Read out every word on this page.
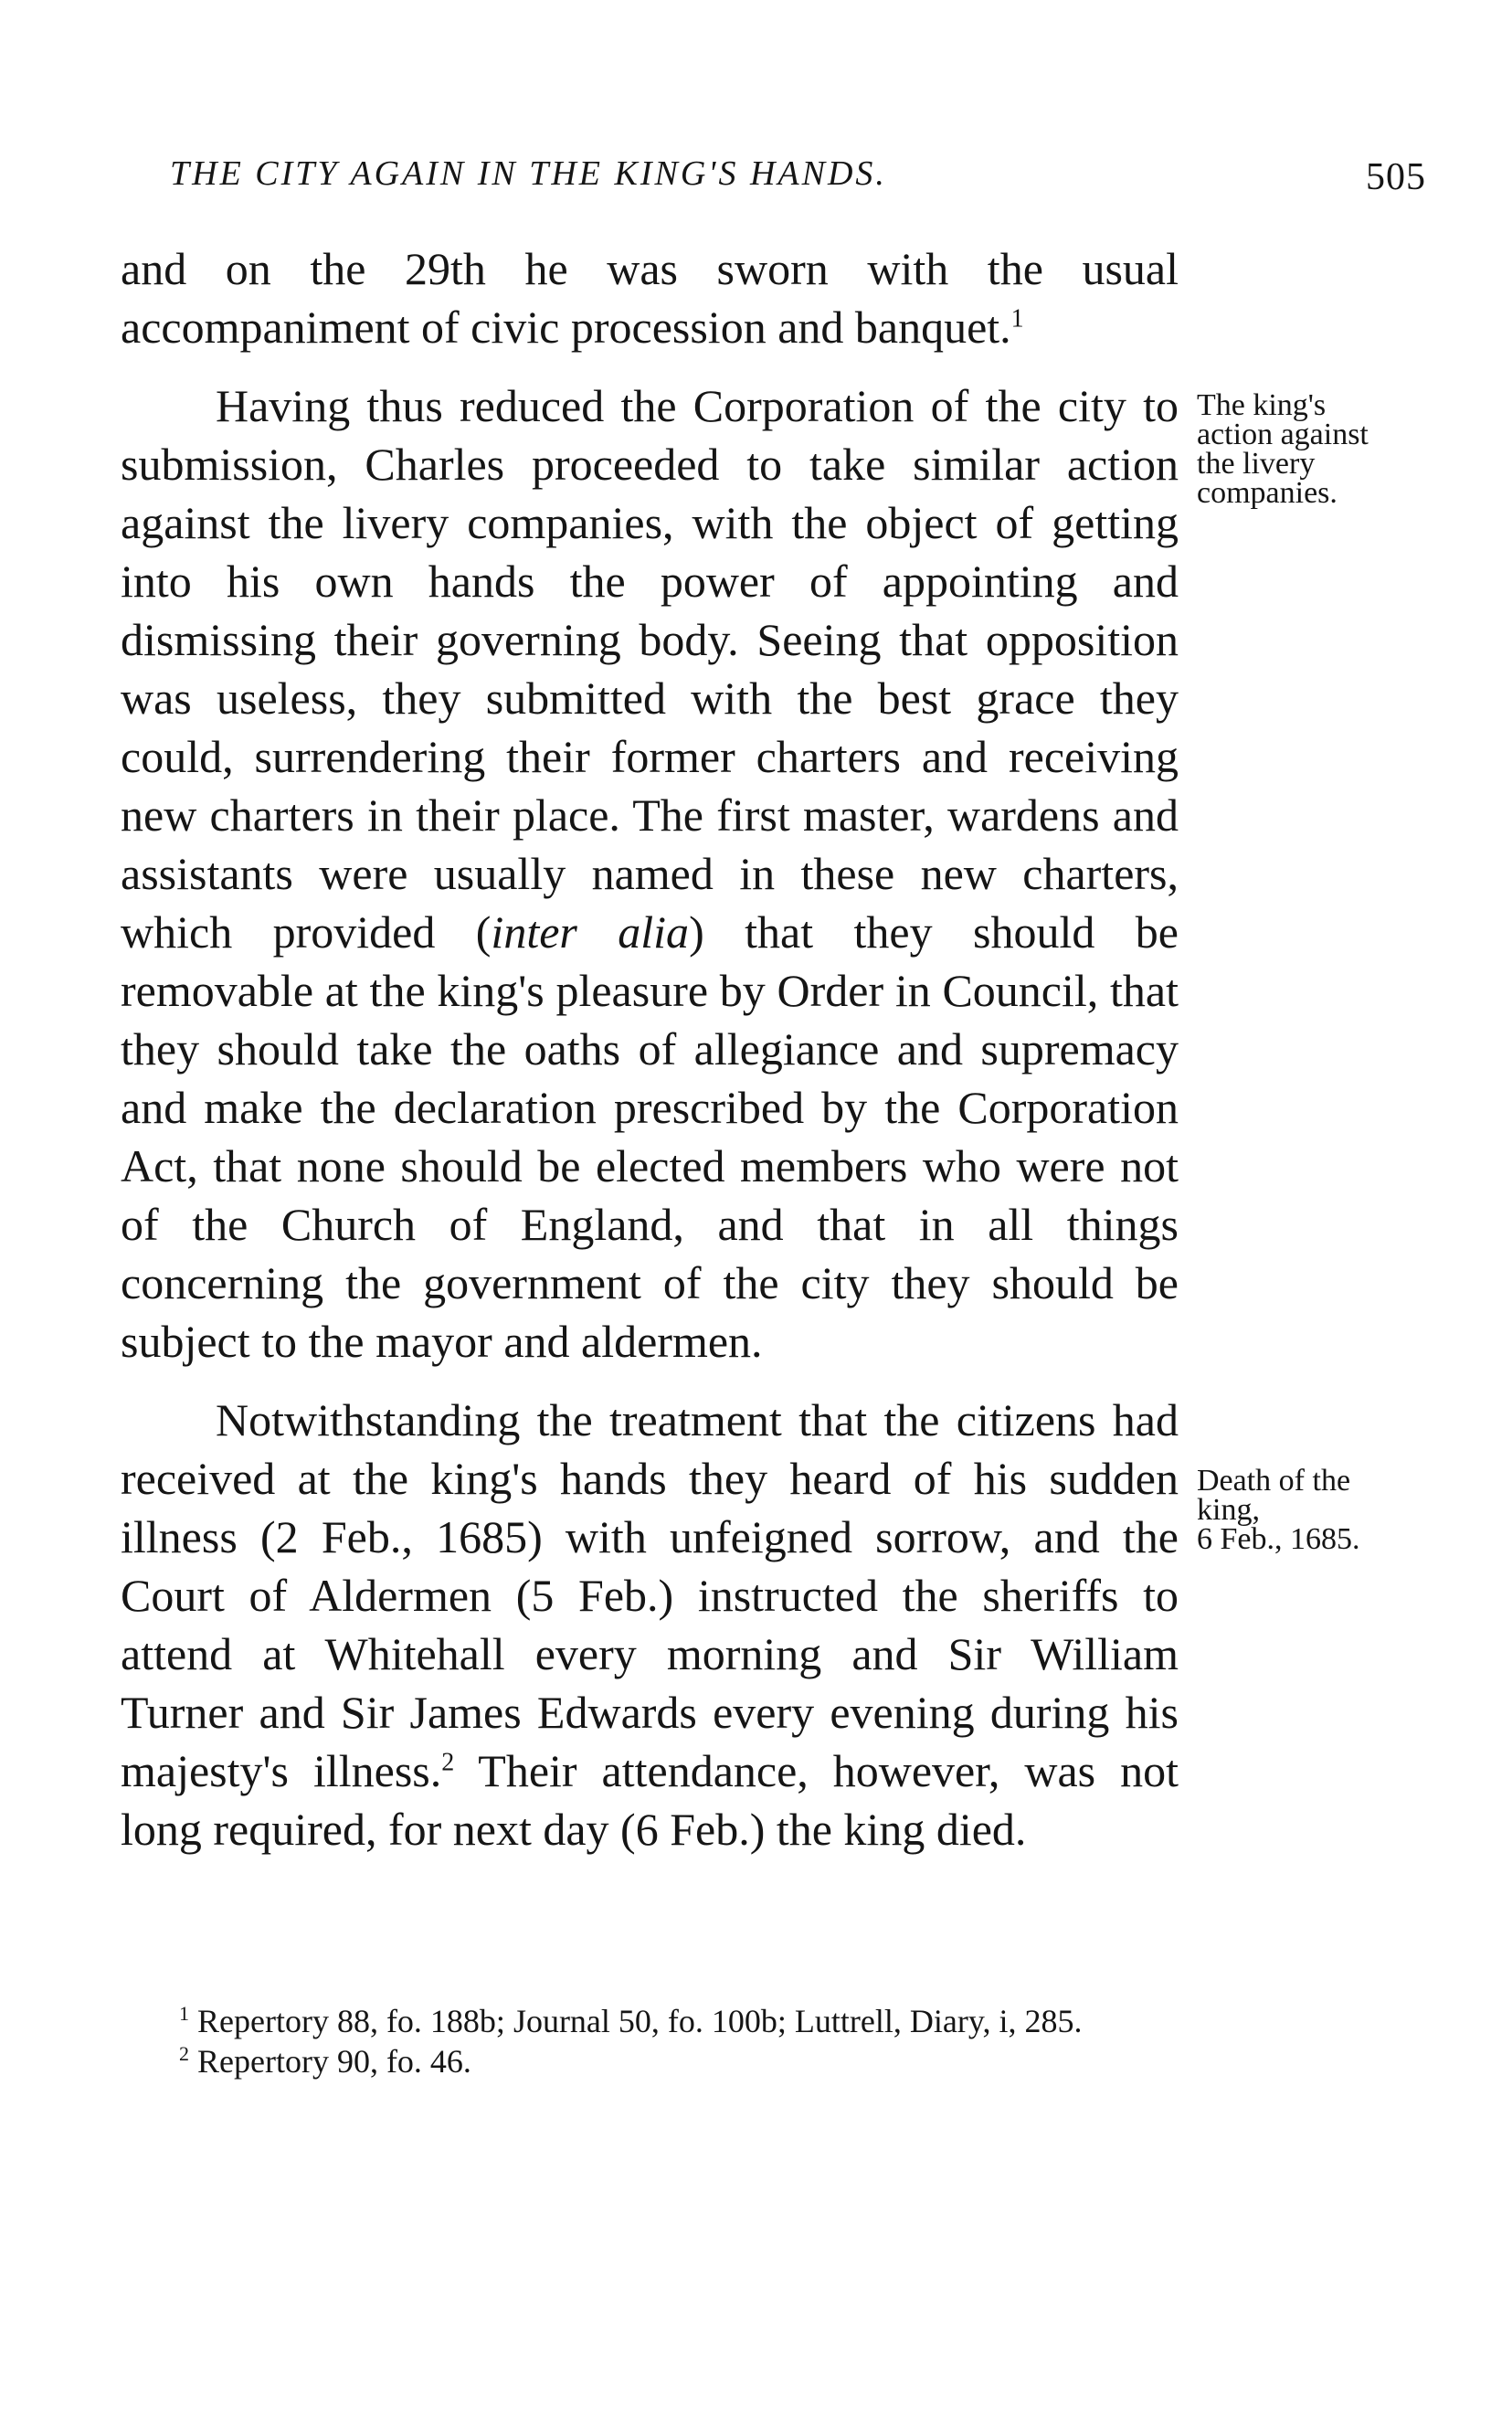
THE CITY AGAIN IN THE KING'S HANDS.	505

and on the 29th he was sworn with the usual accompaniment of civic procession and banquet.$^1$

Having thus reduced the Corporation of the city to submission, Charles proceeded to take similar action against the livery companies, with the object of getting into his own hands the power of appointing and dismissing their governing body. Seeing that opposition was useless, they submitted with the best grace they could, surrendering their former charters and receiving new charters in their place. The first master, wardens and assistants were usually named in these new charters, which provided (inter alia) that they should be removable at the king's pleasure by Order in Council, that they should take the oaths of allegiance and supremacy and make the declaration prescribed by the Corporation Act, that none should be elected members who were not of the Church of England, and that in all things concerning the government of the city they should be subject to the mayor and aldermen.

Notwithstanding the treatment that the citizens had received at the king's hands they heard of his sudden illness (2 Feb., 1685) with unfeigned sorrow, and the Court of Aldermen (5 Feb.) instructed the sheriffs to attend at Whitehall every morning and Sir William Turner and Sir James Edwards every evening during his majesty's illness.$^2$ Their attendance, however, was not long required, for next day (6 Feb.) the king died.

The king's
action against
the livery
companies.
Death of the
king,
6 Feb., 1685.

$^1$ Repertory 88, fo. 188b; Journal 50, fo. 100b; Luttrell, Diary, i, 285.

$^2$ Repertory 90, fo. 46.
